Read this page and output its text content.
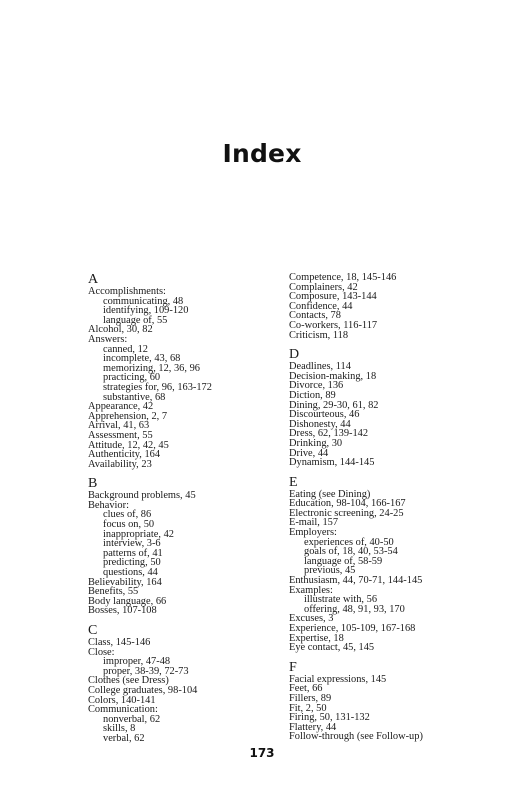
Index
A
Accomplishments:
communicating, 48
identifying, 109-120
language of, 55
Alcohol, 30, 82
Answers:
canned, 12
incomplete, 43, 68
memorizing, 12, 36, 96
practicing, 60
strategies for, 96, 163-172
substantive, 68
Appearance, 42
Apprehension, 2, 7
Arrival, 41, 63
Assessment, 55
Attitude, 12, 42, 45
Authenticity, 164
Availability, 23
B
Background problems, 45
Behavior:
clues of, 86
focus on, 50
inappropriate, 42
interview, 3-6
patterns of, 41
predicting, 50
questions, 44
Believability, 164
Benefits, 55
Body language, 66
Bosses, 107-108
C
Class, 145-146
Close:
improper, 47-48
proper, 38-39, 72-73
Clothes (see Dress)
College graduates, 98-104
Colors, 140-141
Communication:
nonverbal, 62
skills, 8
verbal, 62
Competence, 18, 145-146
Complainers, 42
Composure, 143-144
Confidence, 44
Contacts, 78
Co-workers, 116-117
Criticism, 118
D
Deadlines, 114
Decision-making, 18
Divorce, 136
Diction, 89
Dining, 29-30, 61, 82
Discourteous, 46
Dishonesty, 44
Dress, 62, 139-142
Drinking, 30
Drive, 44
Dynamism, 144-145
E
Eating (see Dining)
Education, 98-104, 166-167
Electronic screening, 24-25
E-mail, 157
Employers:
experiences of, 40-50
goals of, 18, 40, 53-54
language of, 58-59
previous, 45
Enthusiasm, 44, 70-71, 144-145
Examples:
illustrate with, 56
offering, 48, 91, 93, 170
Excuses, 3
Experience, 105-109, 167-168
Expertise, 18
Eye contact, 45, 145
F
Facial expressions, 145
Feet, 66
Fillers, 89
Fit, 2, 50
Firing, 50, 131-132
Flattery, 44
Follow-through (see Follow-up)
173
